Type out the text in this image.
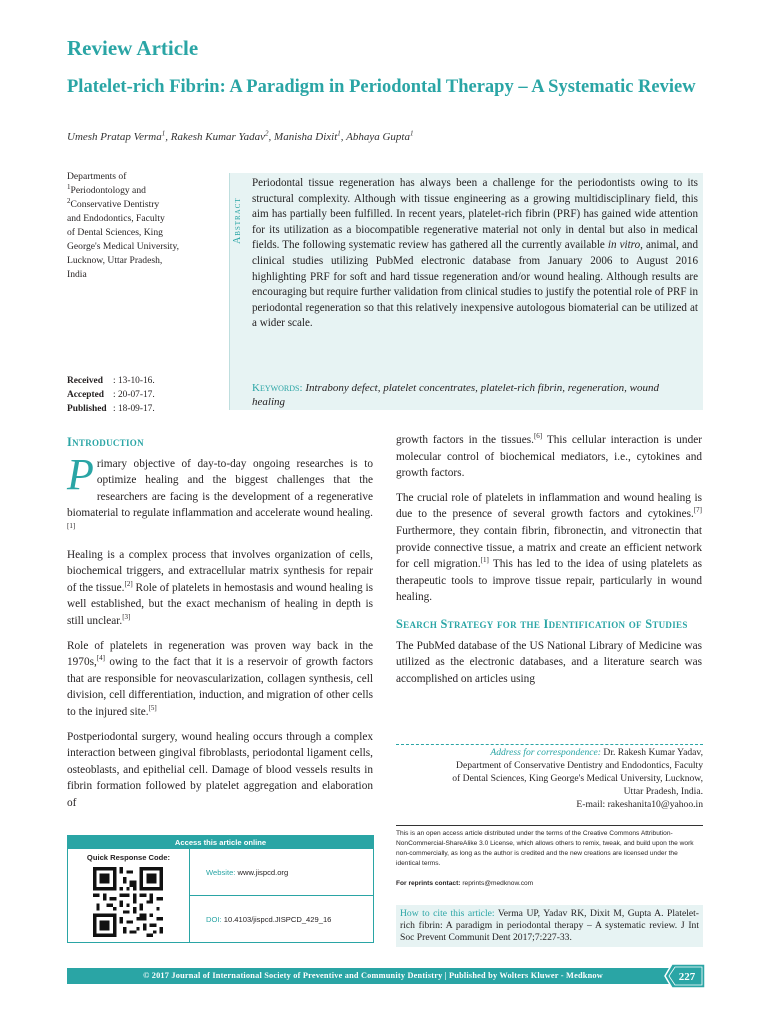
Review Article
Platelet-rich Fibrin: A Paradigm in Periodontal Therapy – A Systematic Review
Umesh Pratap Verma$^1$, Rakesh Kumar Yadav$^2$, Manisha Dixit$^1$, Abhaya Gupta$^1$
Departments of
$^1$Periodontology and
$^2$Conservative Dentistry
and Endodontics, Faculty
of Dental Sciences, King
George's Medical University,
Lucknow, Uttar Pradesh,
India
Received	: 13-10-16.
Accepted : 20-07-17.
Published : 18-09-17.
Abstract
Periodontal tissue regeneration has always been a challenge for the periodontists owing to its structural complexity. Although with tissue engineering as a growing multidisciplinary field, this aim has partially been fulfilled. In recent years, platelet-rich fibrin (PRF) has gained wide attention for its utilization as a biocompatible regenerative material not only in dental but also in medical fields. The following systematic review has gathered all the currently available in vitro, animal, and clinical studies utilizing PubMed electronic database from January 2006 to August 2016 highlighting PRF for soft and hard tissue regeneration and/or wound healing. Although results are encouraging but require further validation from clinical studies to justify the potential role of PRF in periodontal regeneration so that this relatively inexpensive autologous biomaterial can be utilized at a wider scale.
Keywords: Intrabony defect, platelet concentrates, platelet-rich fibrin, regeneration, wound healing
Introduction

Primary objective of day-to-day ongoing researches is to optimize healing and the biggest challenges that the researchers are facing is the development of a regenerative biomaterial to regulate inflammation and accelerate wound healing.[1]

Healing is a complex process that involves organization of cells, biochemical triggers, and extracellular matrix synthesis for repair of the tissue.[2] Role of platelets in hemostasis and wound healing is well established, but the exact mechanism of healing in depth is still unclear.[3]

Role of platelets in regeneration was proven way back in the 1970s,[4] owing to the fact that it is a reservoir of growth factors that are responsible for neovascularization, collagen synthesis, cell division, cell differentiation, induction, and migration of other cells to the injured site.[5]

Postperiodontal surgery, wound healing occurs through a complex interaction between gingival fibroblasts, periodontal ligament cells, osteoblasts, and epithelial cell. Damage of blood vessels results in fibrin formation followed by platelet aggregation and elaboration of

growth factors in the tissues.[6] This cellular interaction is under molecular control of biochemical mediators, i.e., cytokines and growth factors.

The crucial role of platelets in inflammation and wound healing is due to the presence of several growth factors and cytokines.[7] Furthermore, they contain fibrin, fibronectin, and vitronectin that provide connective tissue, a matrix and create an efficient network for cell migration.[1] This has led to the idea of using platelets as therapeutic tools to improve tissue repair, particularly in wound healing.

Search Strategy for the Identification of Studies

The PubMed database of the US National Library of Medicine was utilized as the electronic databases, and a literature search was accomplished on articles using

Address for correspondence: Dr. Rakesh Kumar Yadav,
Department of Conservative Dentistry and Endodontics, Faculty
of Dental Sciences, King George's Medical University, Lucknow,
Uttar Pradesh, India.
E-mail: rakeshanita10@yahoo.in
This is an open access article distributed under the terms of the Creative Commons Attribution-NonCommercial-ShareAlike 3.0 License, which allows others to remix, tweak, and build upon the work non-commercially, as long as the author is credited and the new creations are licensed under the identical terms.
For reprints contact: reprints@medknow.com
How to cite this article: Verma UP, Yadav RK, Dixit M, Gupta A. Platelet-rich fibrin: A paradigm in periodontal therapy – A systematic review. J Int Soc Prevent Communit Dent 2017;7:227-33.
Access this article online
Quick Response Code:
Website: www.jispcd.org
DOI: 10.4103/jispcd.JISPCD_429_16
© 2017 Journal of International Society of Preventive and Community Dentistry | Published by Wolters Kluwer - Medknow	227
